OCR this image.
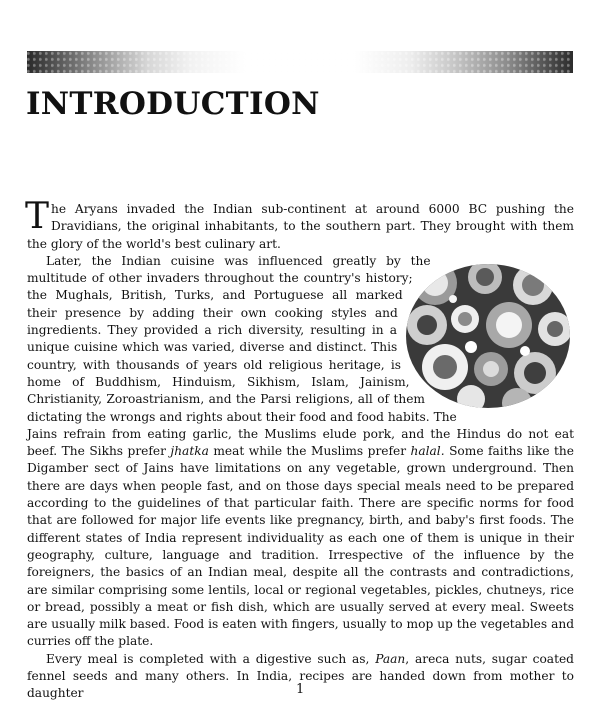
INTRODUCTION

The Aryans invaded the Indian sub-continent at around 6000 BC pushing the Dravidians, the original inhabitants, to the southern part. They brought with them the glory of the world's best culinary art.

Later, the Indian cuisine was influenced greatly by the multitude of other invaders throughout the country's history; the Mughals, British, Turks, and Portuguese all marked their presence by adding their own cooking styles and ingredients. They provided a rich diversity, resulting in a unique cuisine which was varied, diverse and distinct. This country, with thousands of years old religious heritage, is home of Buddhism, Hinduism, Sikhism, Islam, Jainism, Christianity, Zoroastrianism, and the Parsi religions, all of them dictating the wrongs and rights about their food and food habits. The Jains refrain from eating garlic, the Muslims elude pork, and the Hindus do not eat beef. The Sikhs prefer jhatka meat while the Muslims prefer halal. Some faiths like the Digamber sect of Jains have limitations on any vegetable, grown underground. Then there are days when people fast, and on those days special meals need to be prepared according to the guidelines of that particular faith. There are specific norms for food that are followed for major life events like pregnancy, birth, and baby's first foods. The different states of India represent individuality as each one of them is unique in their geography, culture, language and tradition. Irrespective of the influence by the foreigners, the basics of an Indian meal, despite all the contrasts and contradictions, are similar comprising some lentils, local or regional vegetables, pickles, chutneys, rice or bread, possibly a meat or fish dish, which are usually served at every meal. Sweets are usually milk based. Food is eaten with fingers, usually to mop up the vegetables and curries off the plate.

Every meal is completed with a digestive such as, Paan, areca nuts, sugar coated fennel seeds and many others. In India, recipes are handed down from mother to daughter	1
